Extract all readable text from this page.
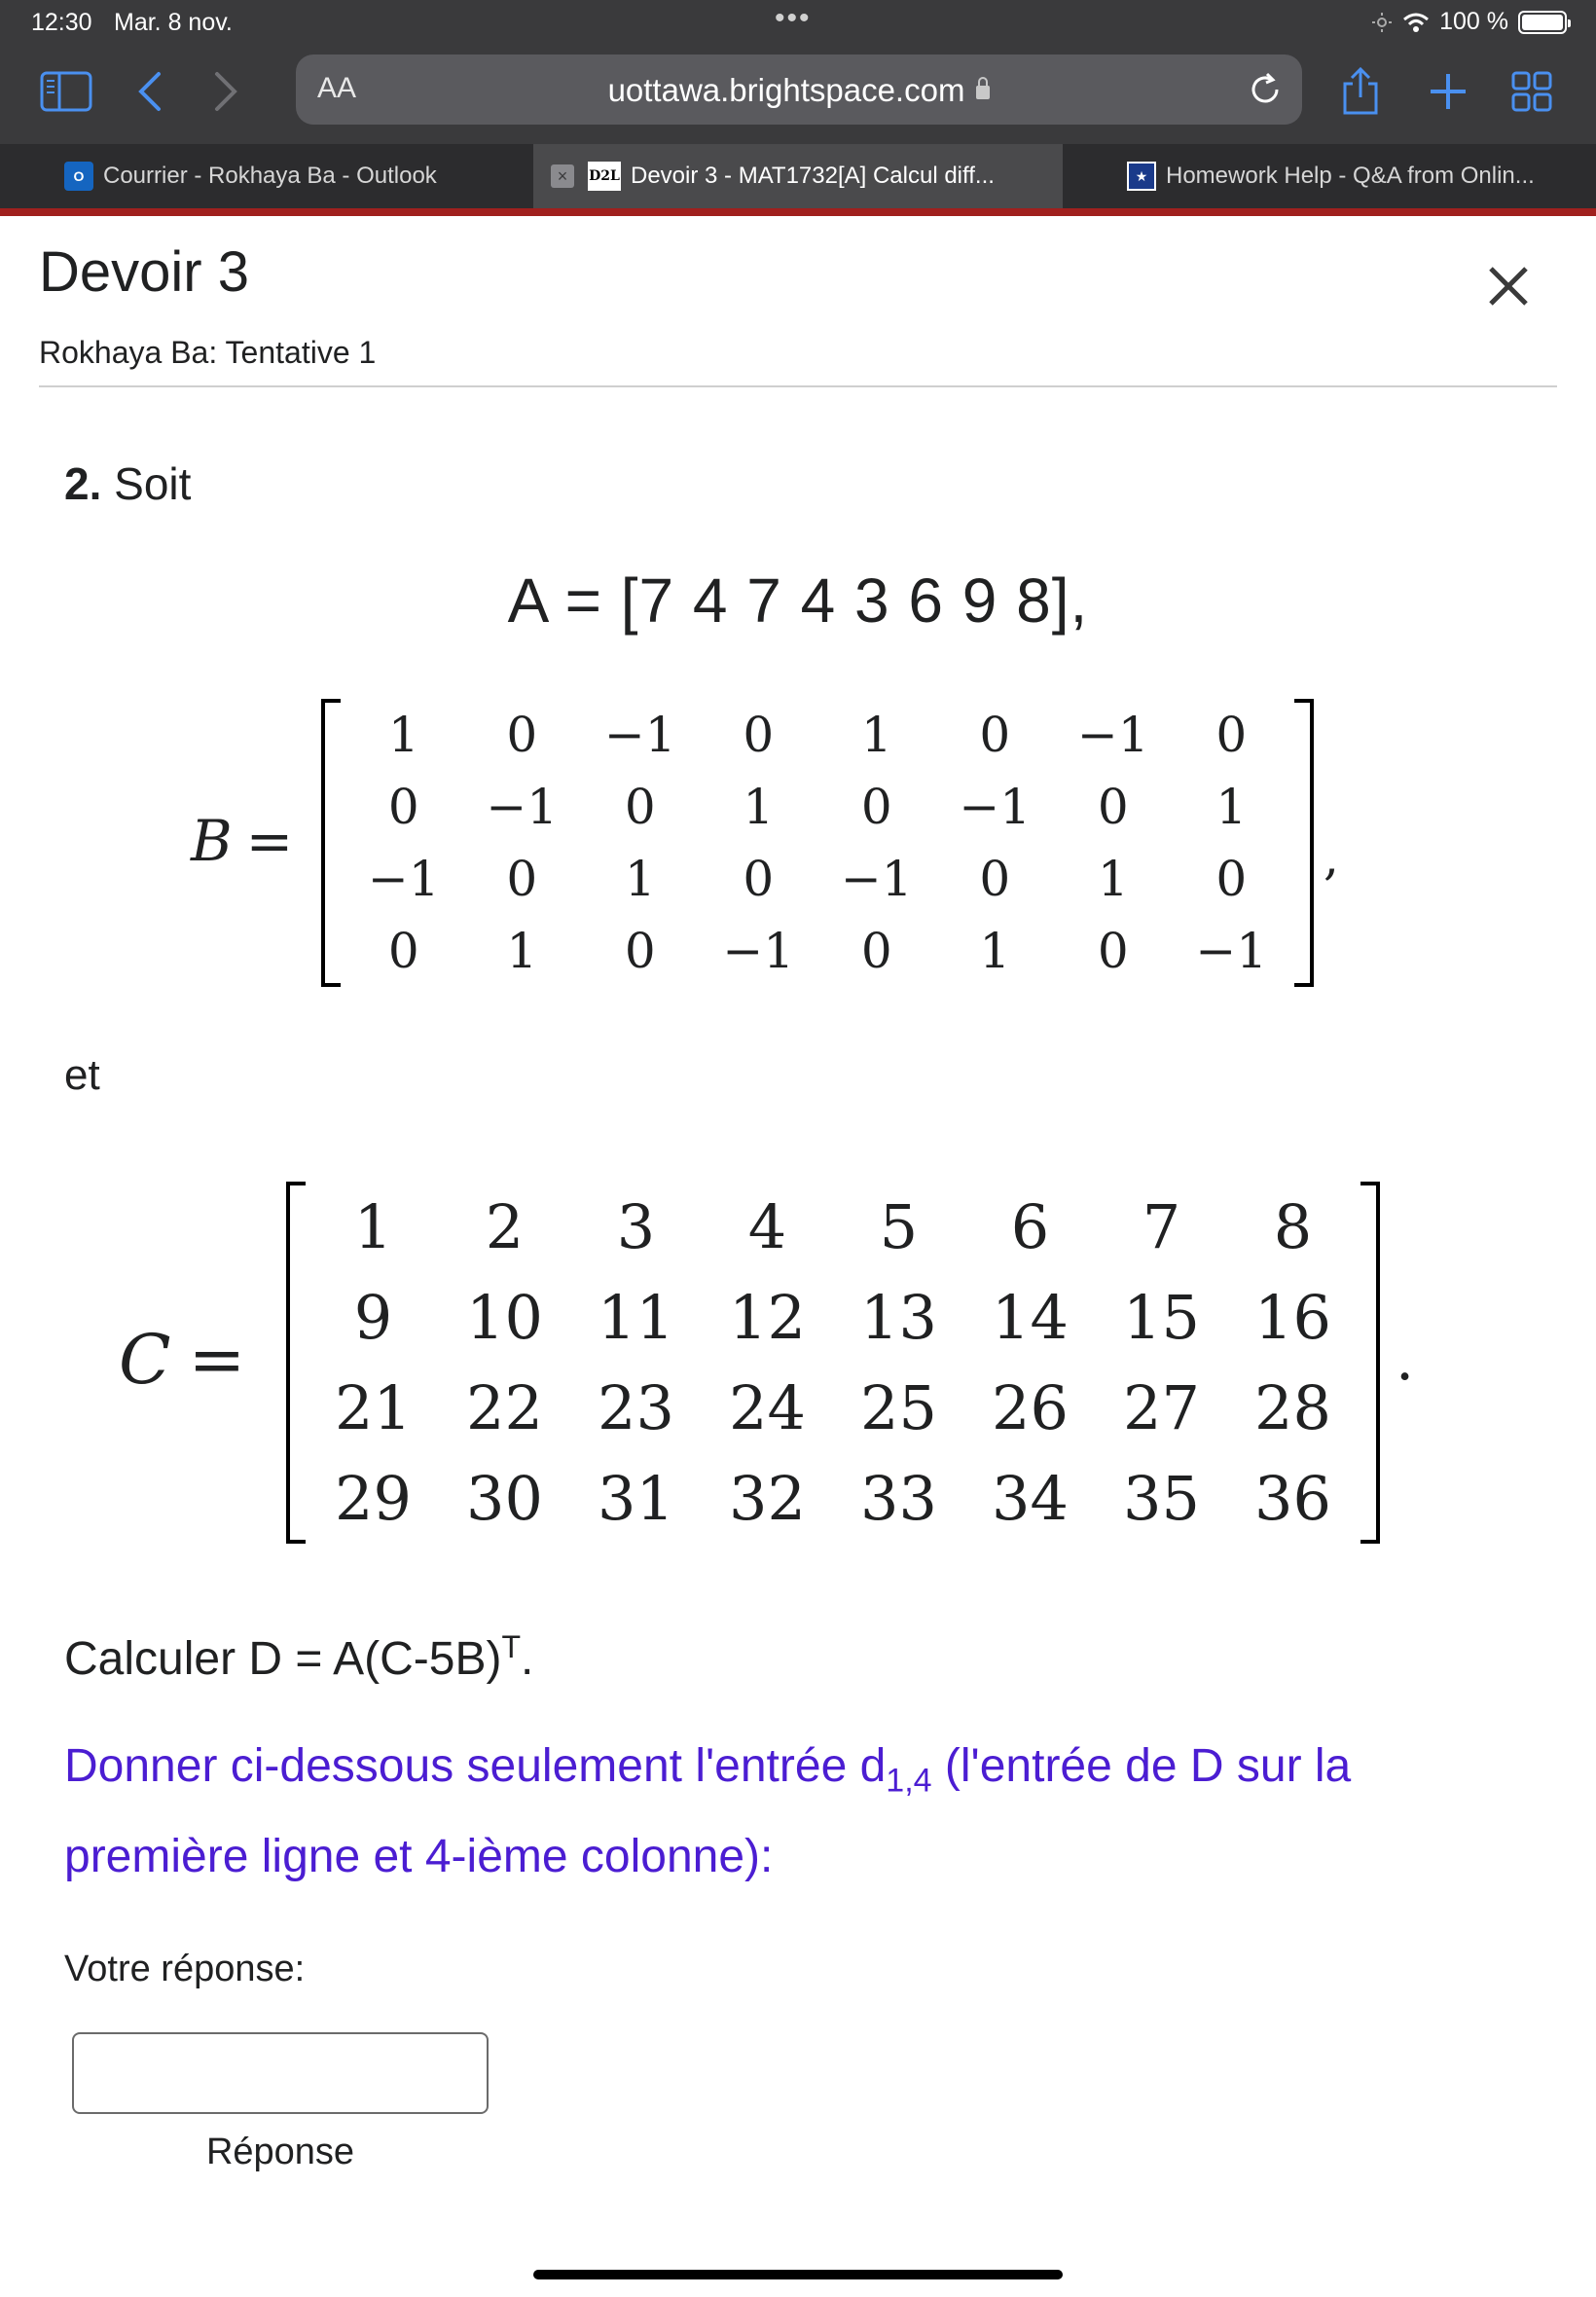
12:30 Mar. 8 nov.	•••	100 %
AA	uottawa.brightspace.com
O Courrier - Rokhaya Ba - Outlook	×	D2L Devoir 3 - MAT1732[A] Calcul diff...	★ Homework Help - Q&A from Onlin...
Devoir 3
Rokhaya Ba: Tentative 1
2. Soit
A = [7 4 7 4 3 6 9 8],
B =
1	0	−1	0	1	0	−1	0
0	−1	0	1	0	−1	0	1
−1	0	1	0	−1	0	1	0
0	1	0	−1	0	1	0	−1
,
et
C =
1	2	3	4	5	6	7	8
9	10 11 12 13 14 15 16
21 22 23 24 25 26 27 28
29 30 31 32 33 34 35 36
.
Calculer $D = A(C-5B)^T$.
Donner ci-dessous seulement l'entrée $d_{1,4}$ (l'entrée de D sur la première ligne et 4-ième colonne):
Votre réponse:
Réponse
